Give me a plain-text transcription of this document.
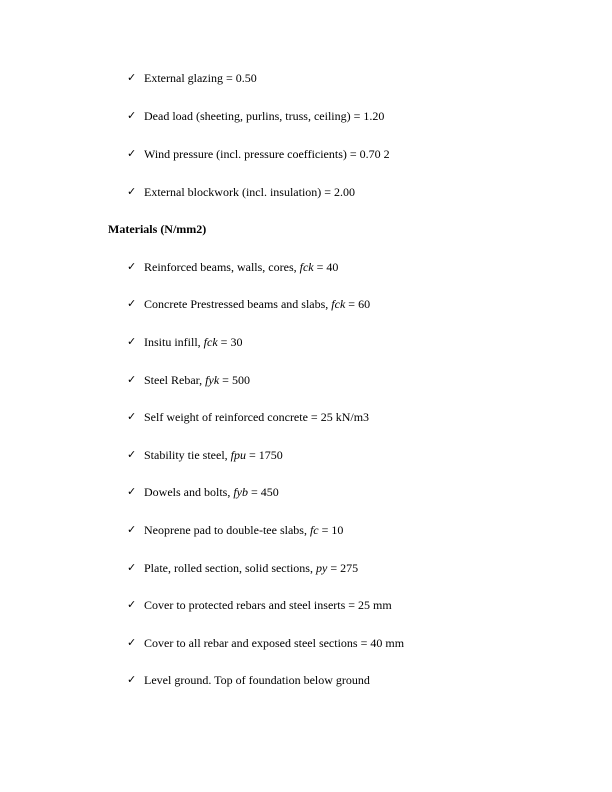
✓ External glazing = 0.50
✓ Dead load (sheeting, purlins, truss, ceiling) = 1.20
✓ Wind pressure (incl. pressure coefficients) = 0.70 2
✓ External blockwork (incl. insulation) = 2.00
Materials (N/mm2)
✓ Reinforced beams, walls, cores, fck = 40
✓ Concrete Prestressed beams and slabs, fck = 60
✓ Insitu infill, fck = 30
✓ Steel Rebar, fyk = 500
✓ Self weight of reinforced concrete = 25 kN/m3
✓ Stability tie steel, fpu = 1750
✓ Dowels and bolts, fyb = 450
✓ Neoprene pad to double-tee slabs, fc = 10
✓ Plate, rolled section, solid sections, py = 275
✓ Cover to protected rebars and steel inserts = 25 mm
✓ Cover to all rebar and exposed steel sections = 40 mm
✓ Level ground. Top of foundation below ground
